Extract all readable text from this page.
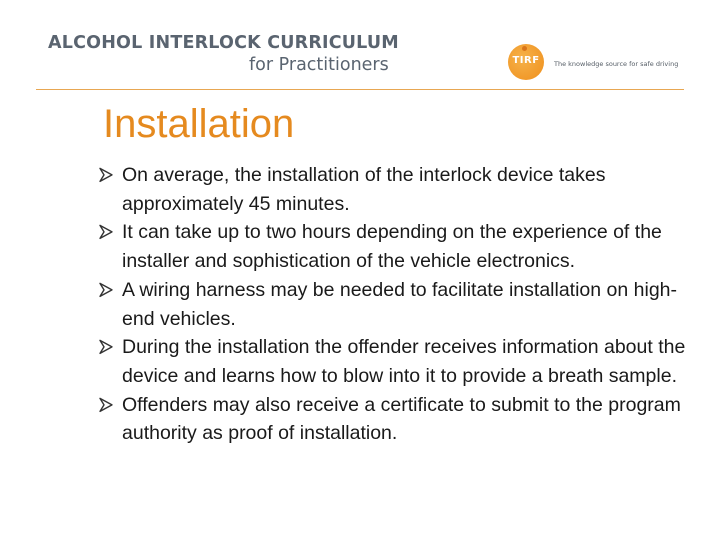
ALCOHOL INTERLOCK CURRICULUM
for Practitioners	TIRF	The knowledge source for safe driving
Installation
On average, the installation of the interlock device takes approximately 45 minutes.
It can take up to two hours depending on the experience of the installer and sophistication of the vehicle electronics.
A wiring harness may be needed to facilitate installation on high-end vehicles.
During the installation the offender receives information about the device and learns how to blow into it to provide a breath sample.
Offenders may also receive a certificate to submit to the program authority as proof of installation.
